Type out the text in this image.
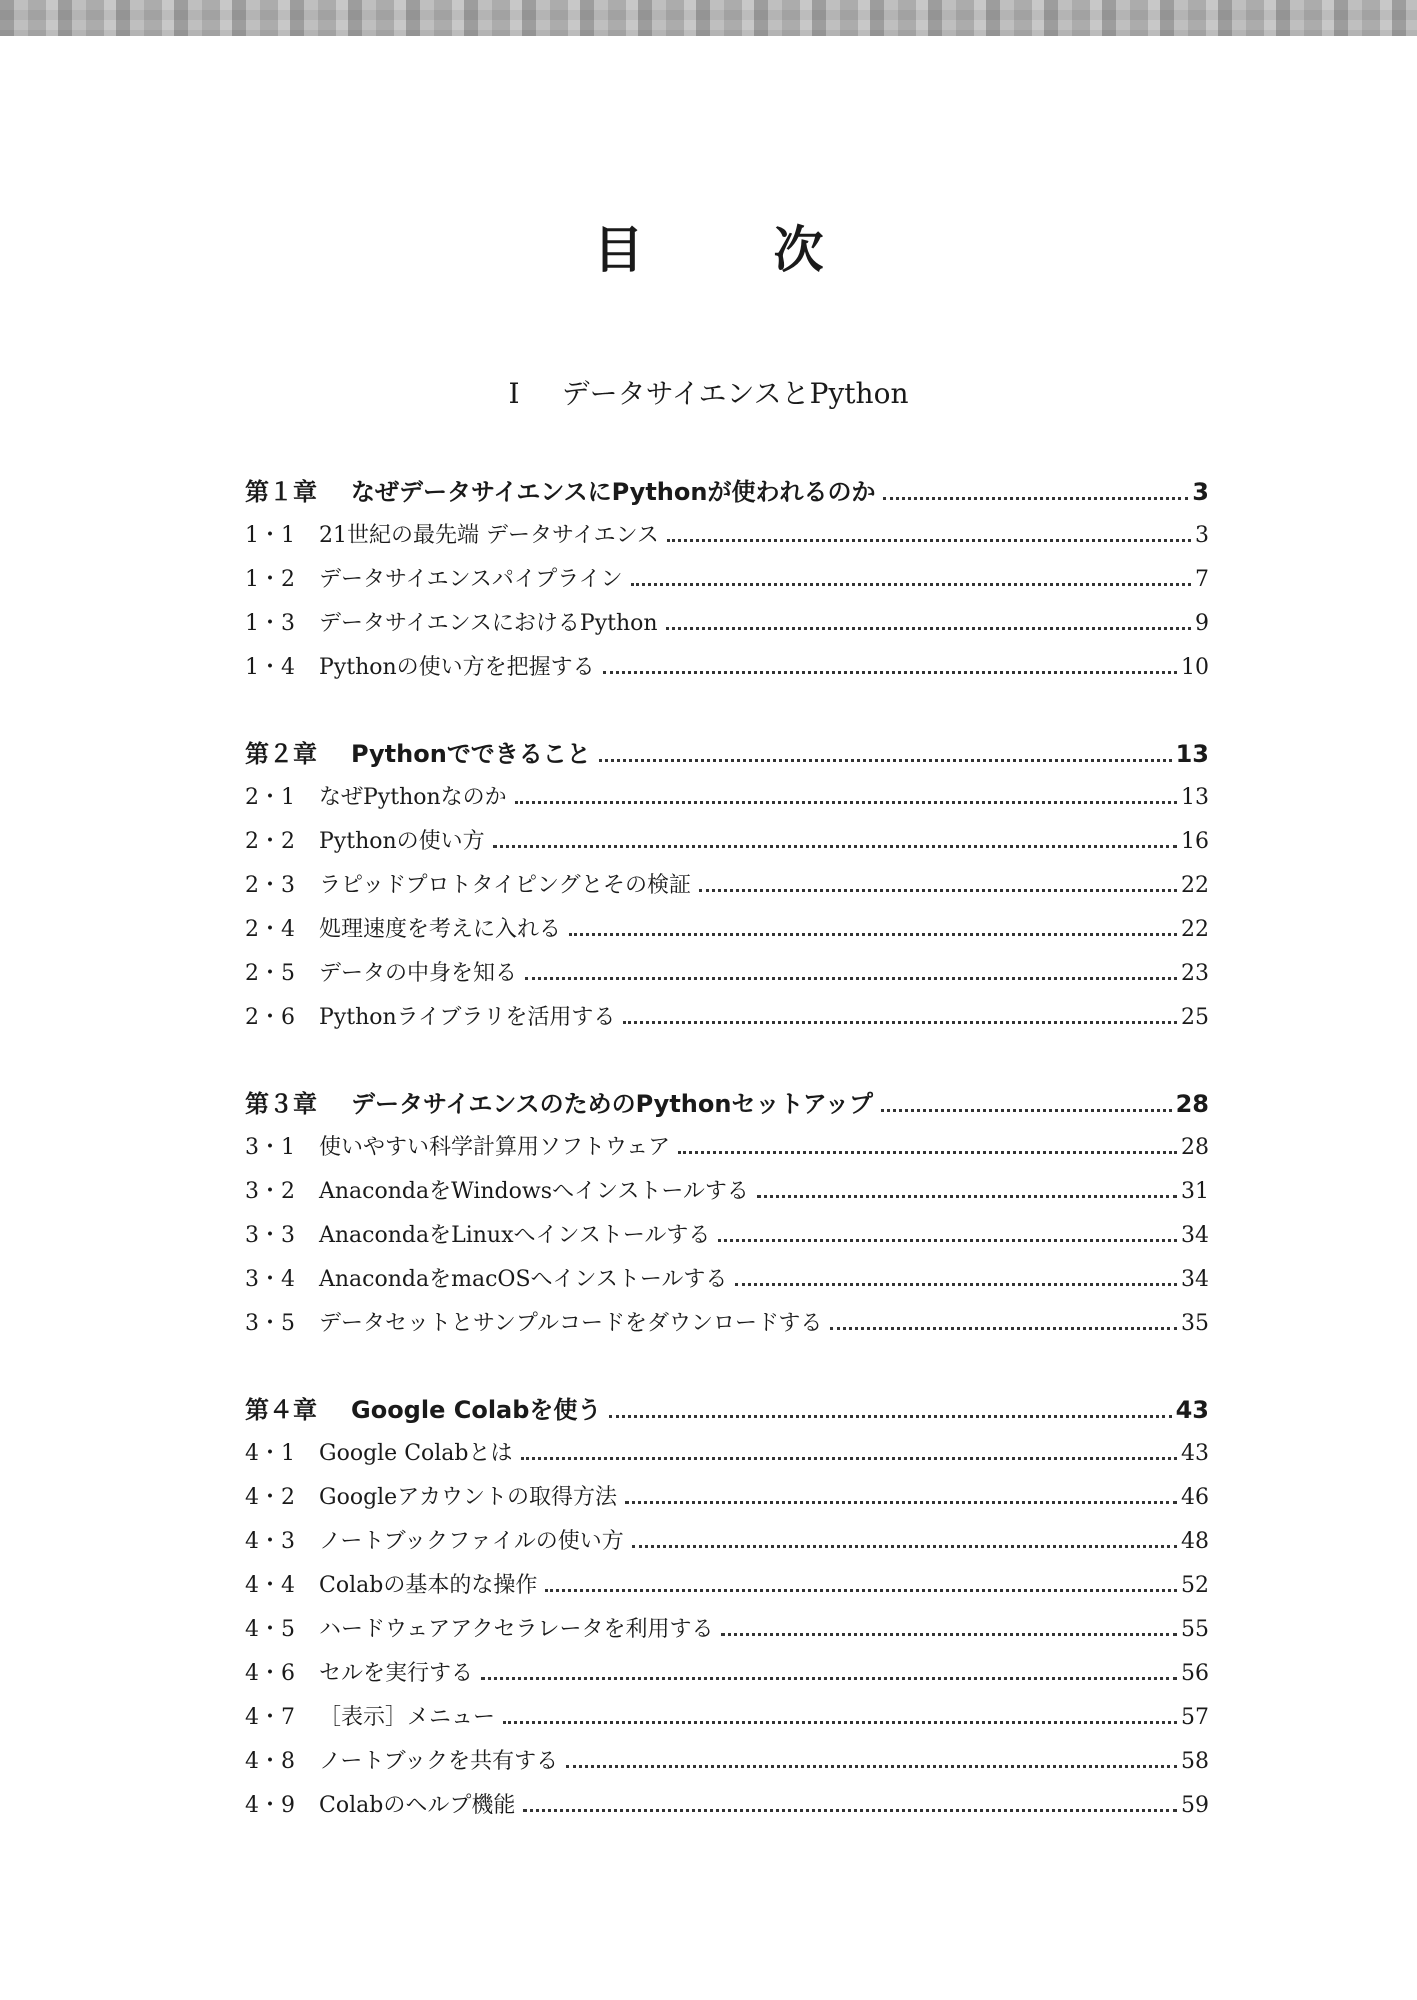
目次
Ⅰ データサイエンスとPython
第１章	なぜデータサイエンスにPythonが使われるのか	3
1・1	21世紀の最先端 データサイエンス	3
1・2	データサイエンスパイプライン	7
1・3	データサイエンスにおけるPython	9
1・4	Pythonの使い方を把握する	10
第２章	Pythonでできること	13
2・1	なぜPythonなのか	13
2・2	Pythonの使い方	16
2・3	ラピッドプロトタイピングとその検証	22
2・4	処理速度を考えに入れる	22
2・5	データの中身を知る	23
2・6	Pythonライブラリを活用する	25
第３章	データサイエンスのためのPythonセットアップ	28
3・1	使いやすい科学計算用ソフトウェア	28
3・2	AnacondaをWindowsへインストールする	31
3・3	AnacondaをLinuxへインストールする	34
3・4	AnacondaをmacOSへインストールする	34
3・5	データセットとサンプルコードをダウンロードする	35
第４章	Google Colabを使う	43
4・1	Google Colabとは	43
4・2	Googleアカウントの取得方法	46
4・3	ノートブックファイルの使い方	48
4・4	Colabの基本的な操作	52
4・5	ハードウェアアクセラレータを利用する	55
4・6	セルを実行する	56
4・7	［表示］メニュー	57
4・8	ノートブックを共有する	58
4・9	Colabのヘルプ機能	59
